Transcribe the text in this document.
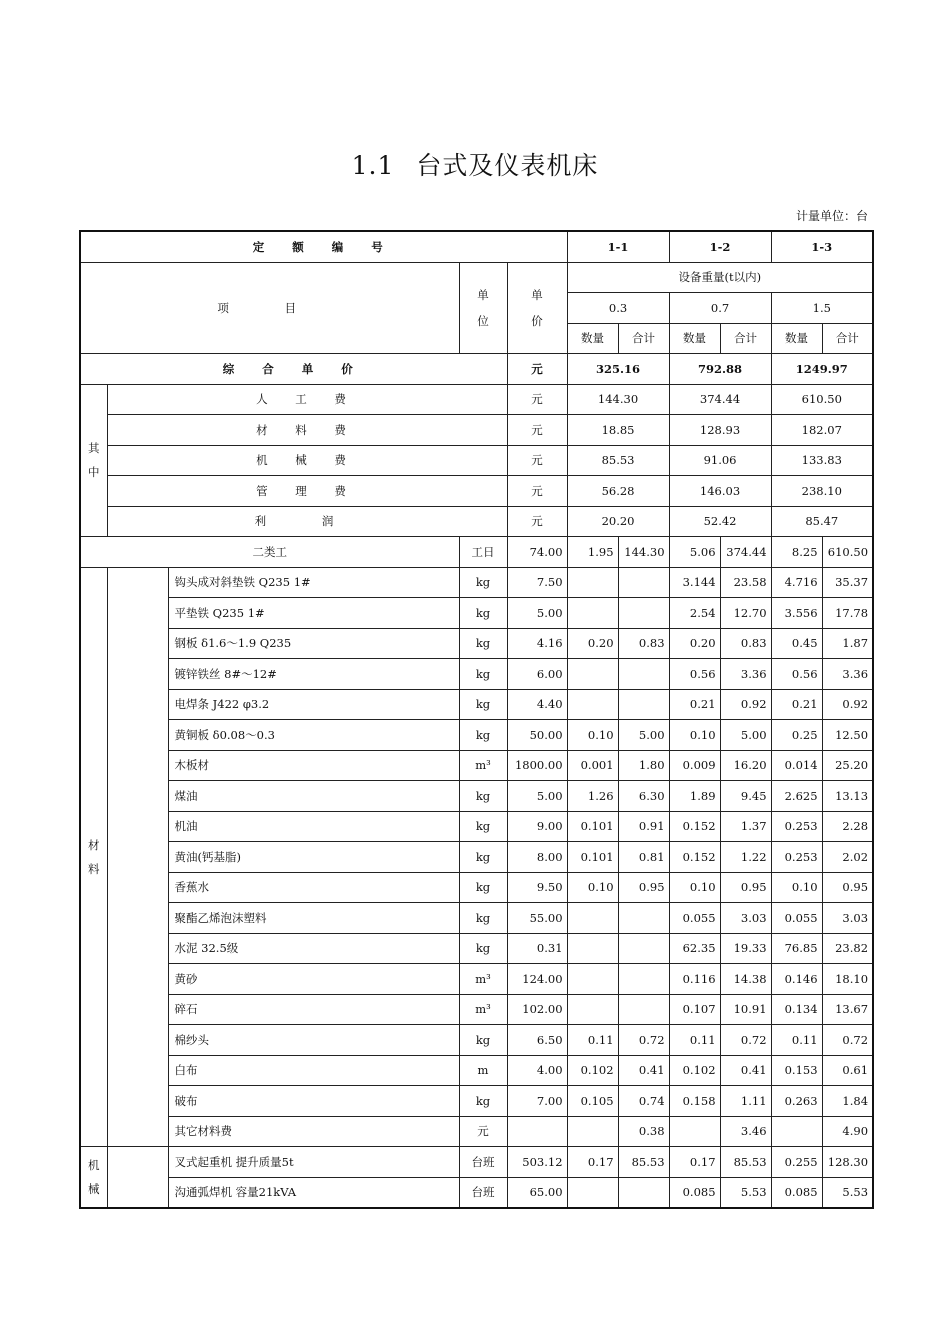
1.1 台式及仪表机床
计量单位：台
定 额 编 号					1-1		1-2		1-3	
项 目			单位	单价	设备重量(t以内)					
					0.3		0.7		1.5	
					数量	合计	数量	合计	数量	合计
综 合 单 价				元	325.16		792.88		1249.97	

其中	人 工 费			元	144.30		374.44		610.50	
	材 料 费			元	18.85		128.93		182.07	
	机 械 费			元	85.53		91.06		133.83	
	管 理 费			元	56.28		146.03		238.10	
	利 润			元	20.20		52.42		85.47	
二类工			工日	74.00	1.95	144.30	5.06	374.44	8.25	610.50

材料		钩头成对斜垫铁 Q235 1#	kg	7.50			3.144	23.58	4.716	35.37
		平垫铁 Q235 1#	kg	5.00			2.54	12.70	3.556	17.78
		钢板 δ1.6～1.9 Q235	kg	4.16	0.20	0.83	0.20	0.83	0.45	1.87
		镀锌铁丝 8#～12#	kg	6.00			0.56	3.36	0.56	3.36
		电焊条 J422 φ3.2	kg	4.40			0.21	0.92	0.21	0.92
		黄铜板 δ0.08～0.3	kg	50.00	0.10	5.00	0.10	5.00	0.25	12.50
		木板材	m³	1800.00	0.001	1.80	0.009	16.20	0.014	25.20
		煤油	kg	5.00	1.26	6.30	1.89	9.45	2.625	13.13
		机油	kg	9.00	0.101	0.91	0.152	1.37	0.253	2.28
		黄油(钙基脂)	kg	8.00	0.101	0.81	0.152	1.22	0.253	2.02
		香蕉水	kg	9.50	0.10	0.95	0.10	0.95	0.10	0.95
		聚酯乙烯泡沫塑料	kg	55.00			0.055	3.03	0.055	3.03
		水泥 32.5级	kg	0.31			62.35	19.33	76.85	23.82
		黄砂	m³	124.00			0.116	14.38	0.146	18.10
		碎石	m³	102.00			0.107	10.91	0.134	13.67
		棉纱头	kg	6.50	0.11	0.72	0.11	0.72	0.11	0.72
		白布	m	4.00	0.102	0.41	0.102	0.41	0.153	0.61
		破布	kg	7.00	0.105	0.74	0.158	1.11	0.263	1.84
		其它材料费	元			0.38		3.46		4.90

机械		叉式起重机 提升质量5t	台班	503.12	0.17	85.53	0.17	85.53	0.255	128.30
		沟通弧焊机 容量21kVA	台班	65.00			0.085	5.53	0.085	5.53
